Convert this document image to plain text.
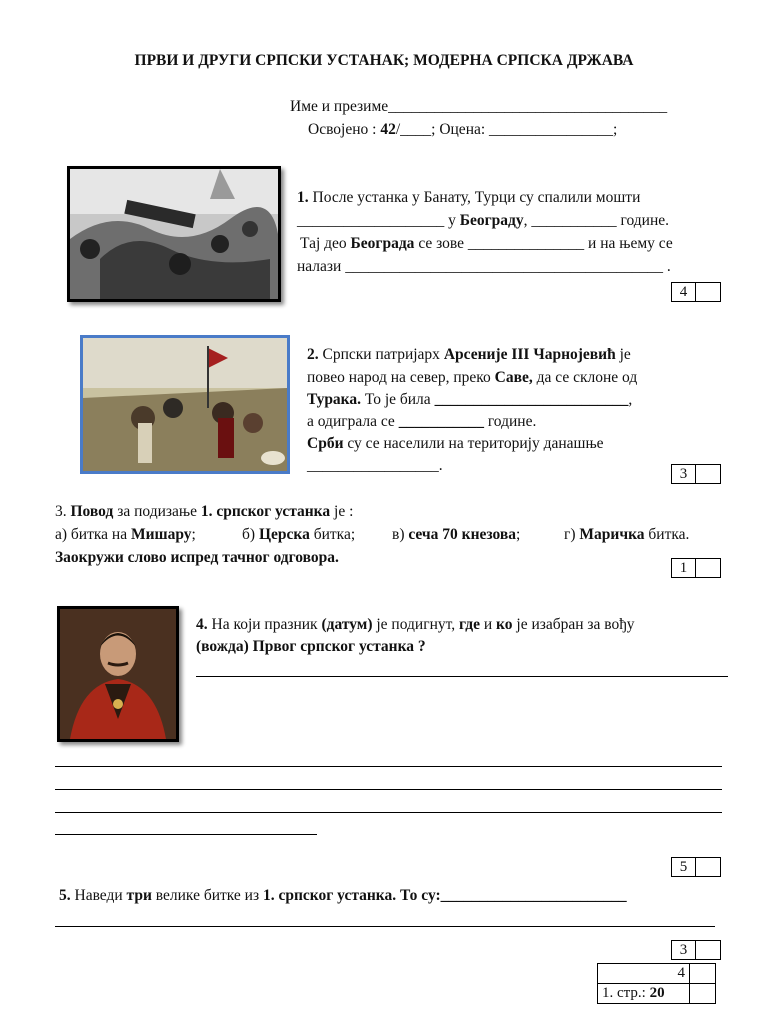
ПРВИ И ДРУГИ СРПСКИ УСТАНАК; МОДЕРНА СРПСКА ДРЖАВА
Име и презиме____________________________________
Освојено : 42/____; Оцена: ________________;
1. После устанка у Банату, Турци су спалили мошти
___________________ у Београду, ___________ године.
Тај део Београда се зове _______________ и на њему се
налази _________________________________________ .
4
2. Српски патријарх Арсеније III Чарнојевић је
повео народ на север, преко Саве, да се склоне од
Турака. То је била _________________________,
а одиграла се ___________ године.
Срби су се населили на територију данашње
_________________.	3
3. Повод за подизање 1. српског устанка је :
а) битка на Мишару;	б) Церска битка; в) сеча 70 кнезова;	г) Маричка битка.
Заокружи слово испред тачног одговора.
1
4. На који празник (датум) је подигнут, где и ко је изабран за вођу
(вожда) Првог српског устанка ?
5
5. Наведи три велике битке из 1. српског устанка. То су:________________________
3
4	
1. стр.: 20	
